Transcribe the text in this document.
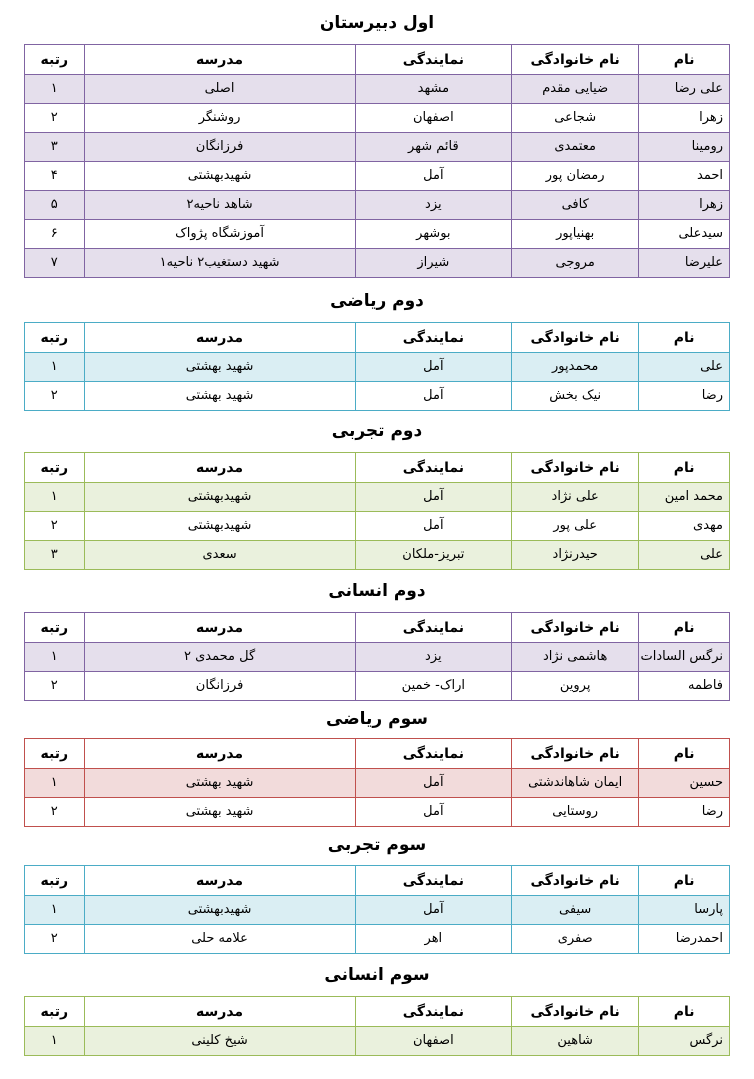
اول دبیرستان
نام	نام خانوادگی	نمایندگی	مدرسه	رتبه
علی رضا	ضیایی مقدم	مشهد	اصلی	۱
زهرا	شجاعی	اصفهان	روشنگر	۲
رومینا	معتمدی	قائم شهر	فرزانگان	۳
احمد	رمضان پور	آمل	شهیدبهشتی	۴
زهرا	کافی	یزد	شاهد ناحیه۲	۵
سیدعلی	بهنیاپور	بوشهر	آموزشگاه پژواک	۶
علیرضا	مروجی	شیراز	شهید دستغیب۲ ناحیه۱	۷
دوم ریاضی
نام	نام خانوادگی	نمایندگی	مدرسه	رتبه
علی	محمدپور	آمل	شهید بهشتی	۱
رضا	نیک بخش	آمل	شهید بهشتی	۲
دوم تجربی
نام	نام خانوادگی	نمایندگی	مدرسه	رتبه
محمد امین	علی نژاد	آمل	شهیدبهشتی	۱
مهدی	علی پور	آمل	شهیدبهشتی	۲
علی	حیدرنژاد	تبریز-ملکان	سعدی	۳
دوم انسانی
نام	نام خانوادگی	نمایندگی	مدرسه	رتبه
نرگس السادات	هاشمی نژاد	یزد	گل محمدی ۲	۱
فاطمه	پروین	اراک- خمین	فرزانگان	۲
سوم ریاضی
نام	نام خانوادگی	نمایندگی	مدرسه	رتبه
حسین	ایمان شاهاندشتی	آمل	شهید بهشتی	۱
رضا	روستایی	آمل	شهید بهشتی	۲
سوم تجربی
نام	نام خانوادگی	نمایندگی	مدرسه	رتبه
پارسا	سیفی	آمل	شهیدبهشتی	۱
احمدرضا	صفری	اهر	علامه حلی	۲
سوم انسانی
نام	نام خانوادگی	نمایندگی	مدرسه	رتبه
نرگس	شاهین	اصفهان	شیخ کلینی	۱
